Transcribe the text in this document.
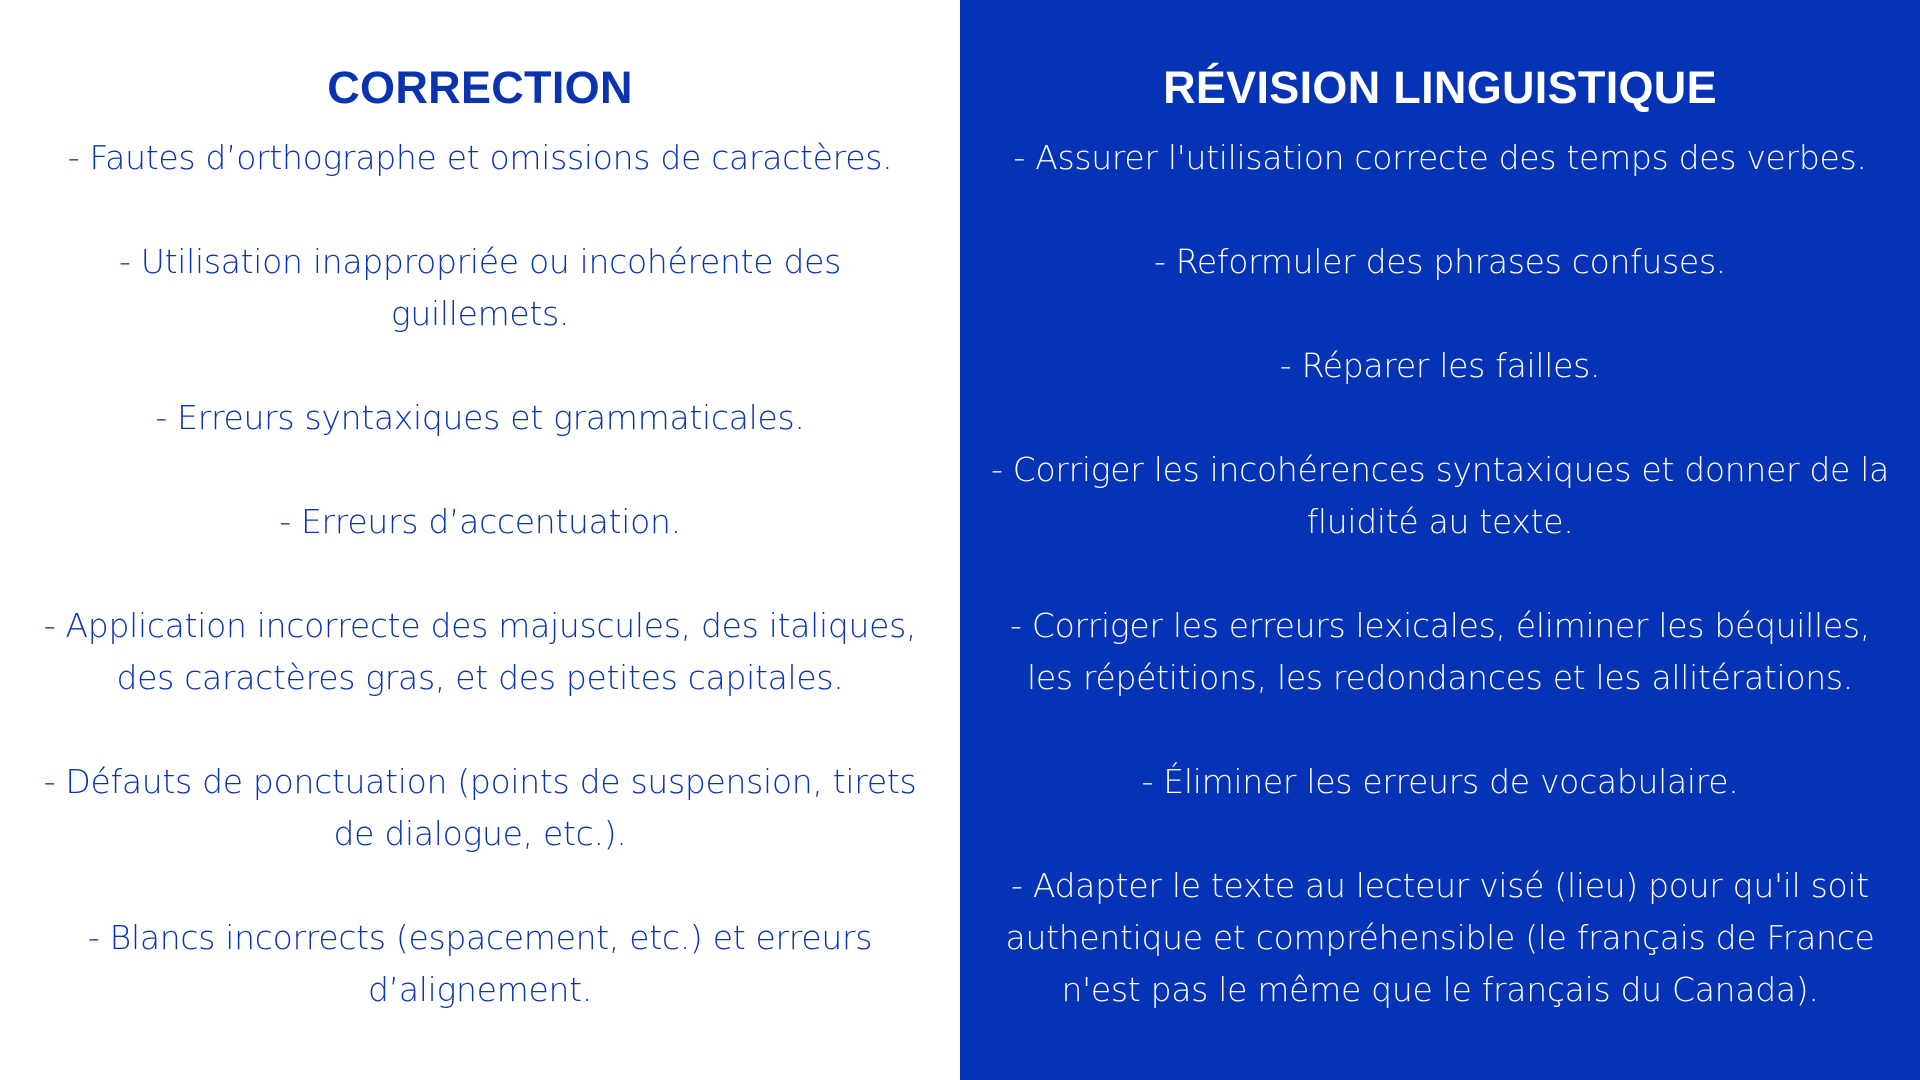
CORRECTION
- Fautes d’orthographe et omissions de caractères.
- Utilisation inappropriée ou incohérente des guillemets.
- Erreurs syntaxiques et grammaticales.
- Erreurs d’accentuation.
- Application incorrecte des majuscules, des italiques, des caractères gras, et des petites capitales.
- Défauts de ponctuation (points de suspension, tirets de dialogue, etc.).
- Blancs incorrects (espacement, etc.) et erreurs d’alignement.
RÉVISION LINGUISTIQUE
- Assurer l'utilisation correcte des temps des verbes.
- Reformuler des phrases confuses.
- Réparer les failles.
- Corriger les incohérences syntaxiques et donner de la fluidité au texte.
- Corriger les erreurs lexicales, éliminer les béquilles, les répétitions, les redondances et les allitérations.
- Éliminer les erreurs de vocabulaire.
- Adapter le texte au lecteur visé (lieu) pour qu'il soit authentique et compréhensible (le français de France n'est pas le même que le français du Canada).
